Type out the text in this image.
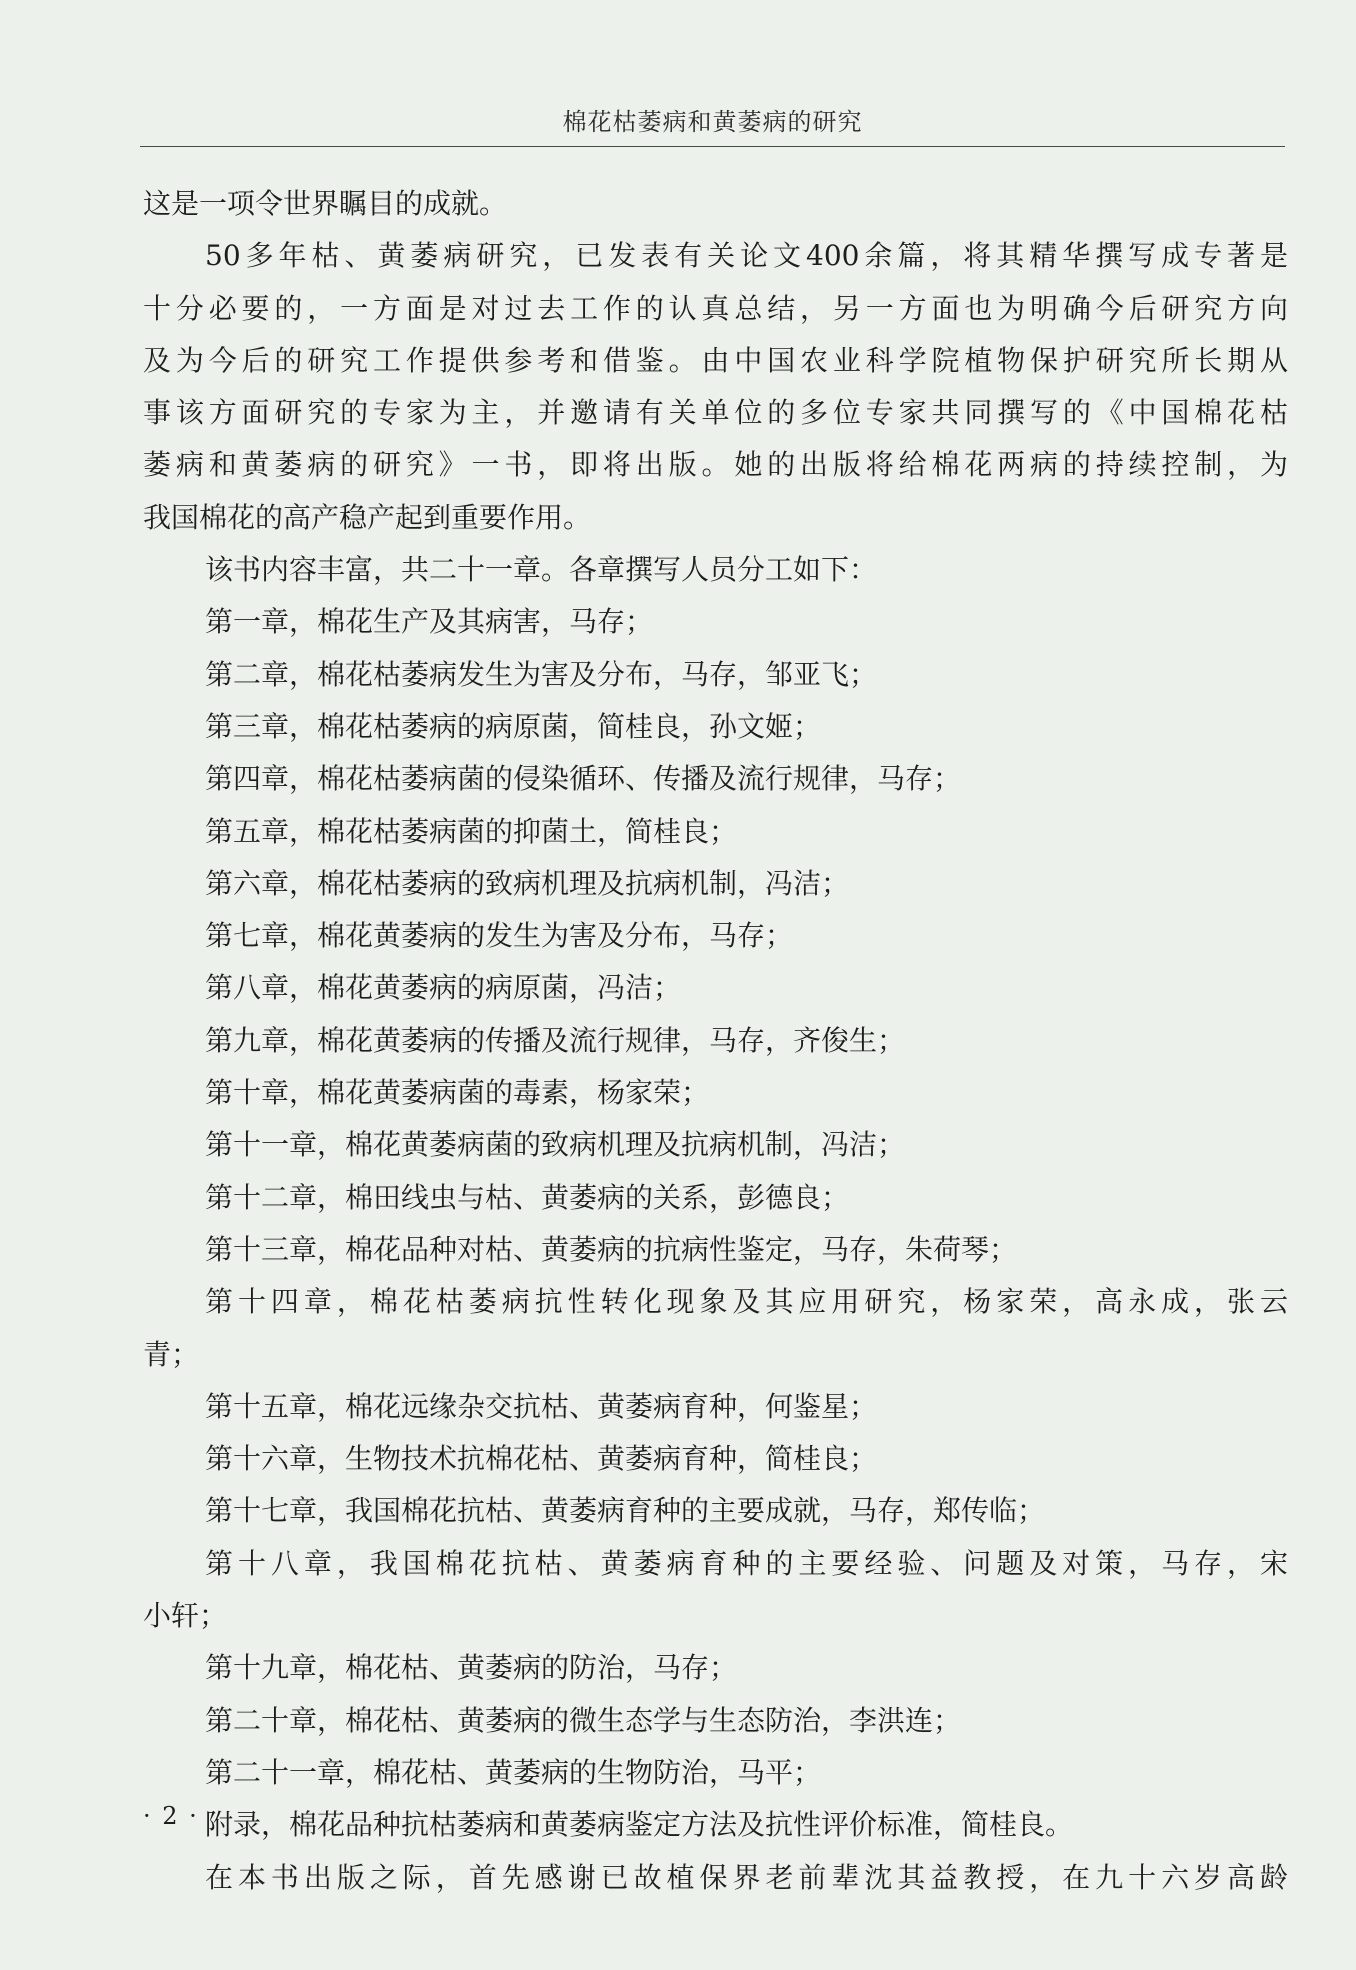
棉花枯萎病和黄萎病的研究
这是一项令世界瞩目的成就。
50多年枯、黄萎病研究，已发表有关论文400余篇，将其精华撰写成专著是
十分必要的，一方面是对过去工作的认真总结，另一方面也为明确今后研究方向
及为今后的研究工作提供参考和借鉴。由中国农业科学院植物保护研究所长期从
事该方面研究的专家为主，并邀请有关单位的多位专家共同撰写的《中国棉花枯
萎病和黄萎病的研究》一书，即将出版。她的出版将给棉花两病的持续控制，为
我国棉花的高产稳产起到重要作用。
该书内容丰富，共二十一章。各章撰写人员分工如下：
第一章，棉花生产及其病害，马存；
第二章，棉花枯萎病发生为害及分布，马存，邹亚飞；
第三章，棉花枯萎病的病原菌，简桂良，孙文姬；
第四章，棉花枯萎病菌的侵染循环、传播及流行规律，马存；
第五章，棉花枯萎病菌的抑菌土，简桂良；
第六章，棉花枯萎病的致病机理及抗病机制，冯洁；
第七章，棉花黄萎病的发生为害及分布，马存；
第八章，棉花黄萎病的病原菌，冯洁；
第九章，棉花黄萎病的传播及流行规律，马存，齐俊生；
第十章，棉花黄萎病菌的毒素，杨家荣；
第十一章，棉花黄萎病菌的致病机理及抗病机制，冯洁；
第十二章，棉田线虫与枯、黄萎病的关系，彭德良；
第十三章，棉花品种对枯、黄萎病的抗病性鉴定，马存，朱荷琴；
第十四章，棉花枯萎病抗性转化现象及其应用研究，杨家荣，高永成，张云
青；
第十五章，棉花远缘杂交抗枯、黄萎病育种，何鉴星；
第十六章，生物技术抗棉花枯、黄萎病育种，简桂良；
第十七章，我国棉花抗枯、黄萎病育种的主要成就，马存，郑传临；
第十八章，我国棉花抗枯、黄萎病育种的主要经验、问题及对策，马存，宋
小轩；
第十九章，棉花枯、黄萎病的防治，马存；
第二十章，棉花枯、黄萎病的微生态学与生态防治，李洪连；
第二十一章，棉花枯、黄萎病的生物防治，马平；
附录，棉花品种抗枯萎病和黄萎病鉴定方法及抗性评价标准，简桂良。
在本书出版之际，首先感谢已故植保界老前辈沈其益教授，在九十六岁高龄
· 2 ·
